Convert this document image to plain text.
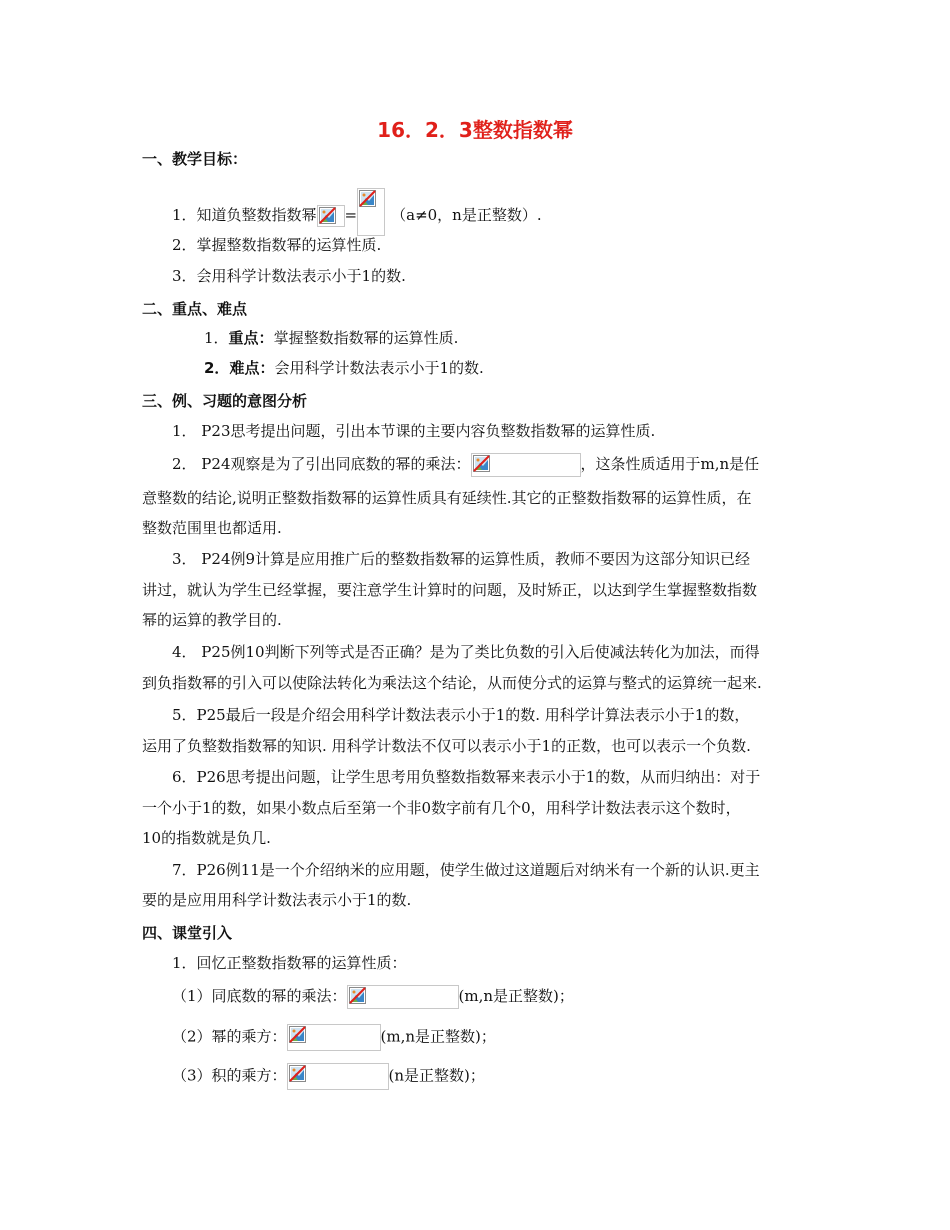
16．2．3整数指数幂
一、教学目标：
1．知道负整数指数幂 = （a≠0，n是正整数）.
2．掌握整数指数幂的运算性质.
3．会用科学计数法表示小于1的数.
二、重点、难点
1．重点：掌握整数指数幂的运算性质.
2．难点：会用科学计数法表示小于1的数.
三、例、习题的意图分析
1． P23思考提出问题，引出本节课的主要内容负整数指数幂的运算性质.
2． P24观察是为了引出同底数的幂的乘法：	，这条性质适用于m,n是任
意整数的结论,说明正整数指数幂的运算性质具有延续性.其它的正整数指数幂的运算性质，在
整数范围里也都适用.
3． P24例9计算是应用推广后的整数指数幂的运算性质，教师不要因为这部分知识已经
讲过，就认为学生已经掌握，要注意学生计算时的问题，及时矫正，以达到学生掌握整数指数
幂的运算的教学目的.
4． P25例10判断下列等式是否正确？是为了类比负数的引入后使减法转化为加法，而得
到负指数幂的引入可以使除法转化为乘法这个结论，从而使分式的运算与整式的运算统一起来.
5．P25最后一段是介绍会用科学计数法表示小于1的数. 用科学计算法表示小于1的数，
运用了负整数指数幂的知识. 用科学计数法不仅可以表示小于1的正数，也可以表示一个负数.
6．P26思考提出问题，让学生思考用负整数指数幂来表示小于1的数，从而归纳出：对于
一个小于1的数，如果小数点后至第一个非0数字前有几个0，用科学计数法表示这个数时，
10的指数就是负几.
7．P26例11是一个介绍纳米的应用题，使学生做过这道题后对纳米有一个新的认识.更主
要的是应用用科学计数法表示小于1的数.
四、课堂引入
1．回忆正整数指数幂的运算性质：
（1）同底数的幂的乘法：	(m,n是正整数)；
（2）幂的乘方：	(m,n是正整数)；
（3）积的乘方：	(n是正整数)；
